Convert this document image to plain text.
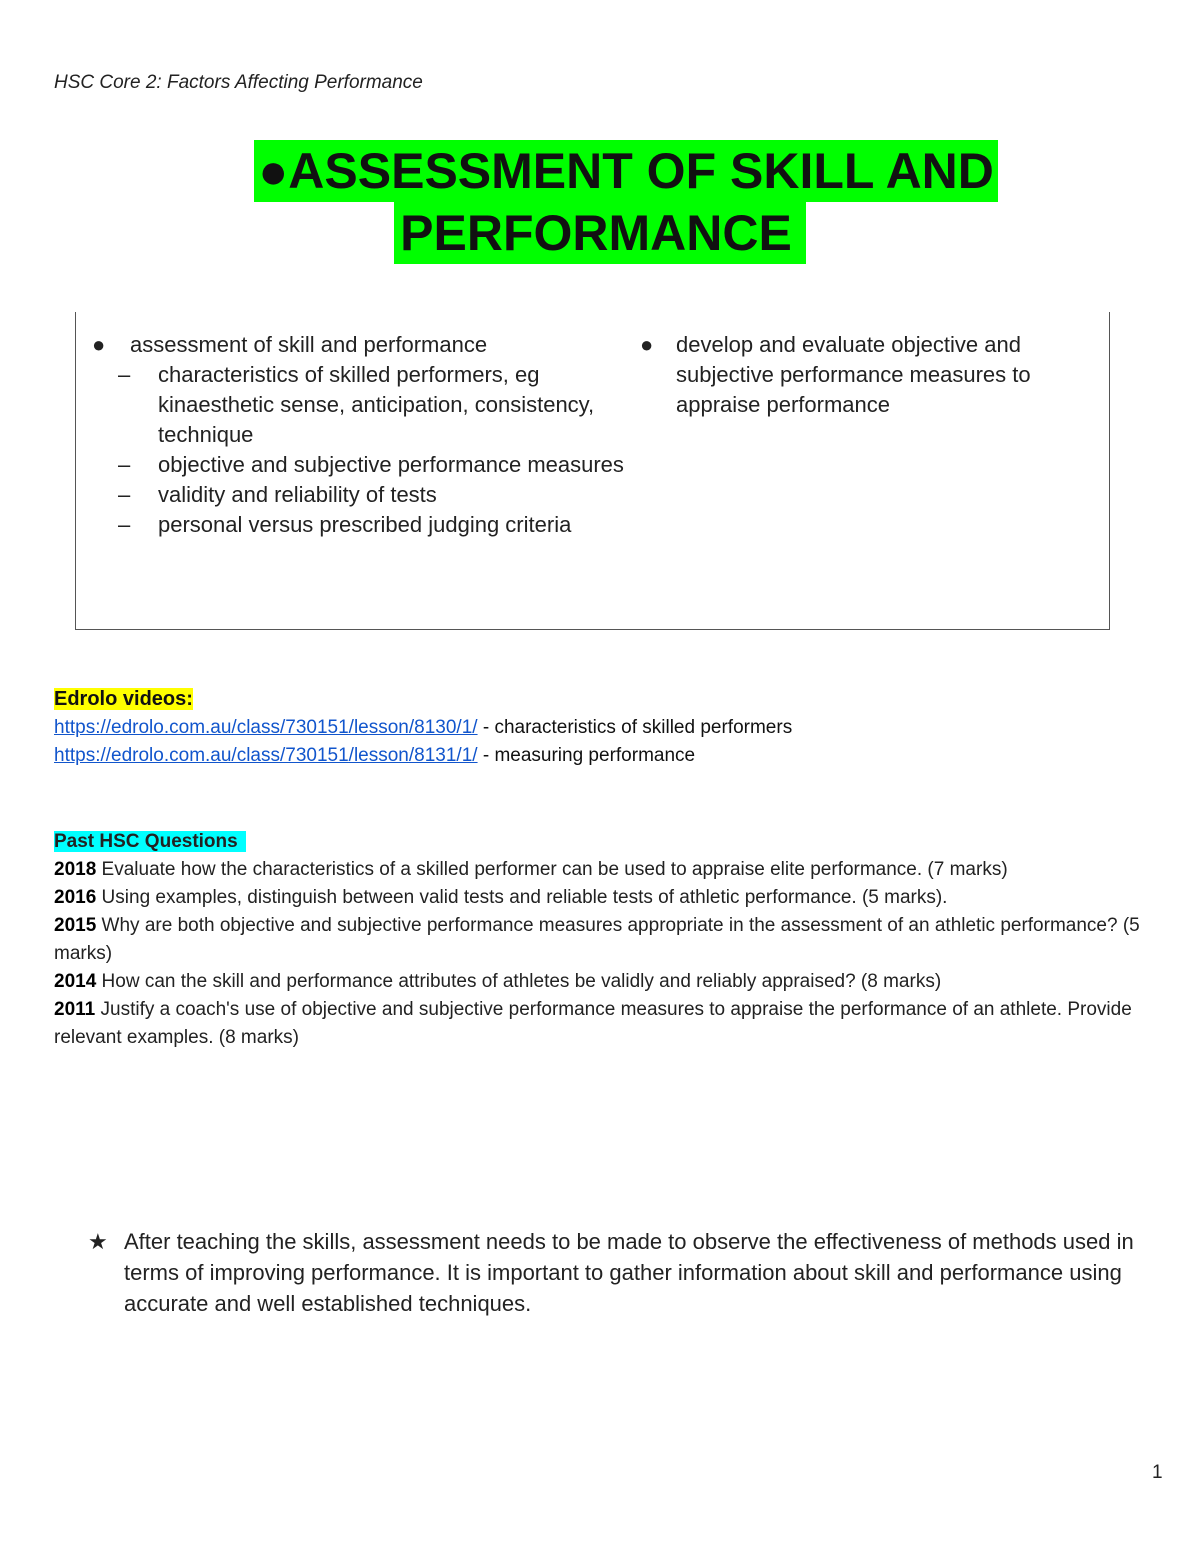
HSC Core 2: Factors Affecting Performance
●ASSESSMENT OF SKILL AND
PERFORMANCE
● assessment of skill and performance
– characteristics of skilled performers, eg kinaesthetic sense, anticipation, consistency, technique
– objective and subjective performance measures
– validity and reliability of tests
– personal versus prescribed judging criteria
● develop and evaluate objective and subjective performance measures to appraise performance
Edrolo videos:
https://edrolo.com.au/class/730151/lesson/8130/1/ - characteristics of skilled performers
https://edrolo.com.au/class/730151/lesson/8131/1/ - measuring performance
Past HSC Questions
2018 Evaluate how the characteristics of a skilled performer can be used to appraise elite performance. (7 marks)
2016 Using examples, distinguish between valid tests and reliable tests of athletic performance. (5 marks).
2015 Why are both objective and subjective performance measures appropriate in the assessment of an athletic performance? (5 marks)
2014 How can the skill and performance attributes of athletes be validly and reliably appraised? (8 marks)
2011 Justify a coach's use of objective and subjective performance measures to appraise the performance of an athlete. Provide relevant examples. (8 marks)
★ After teaching the skills, assessment needs to be made to observe the effectiveness of methods used in terms of improving performance. It is important to gather information about skill and performance using accurate and well established techniques.
1
